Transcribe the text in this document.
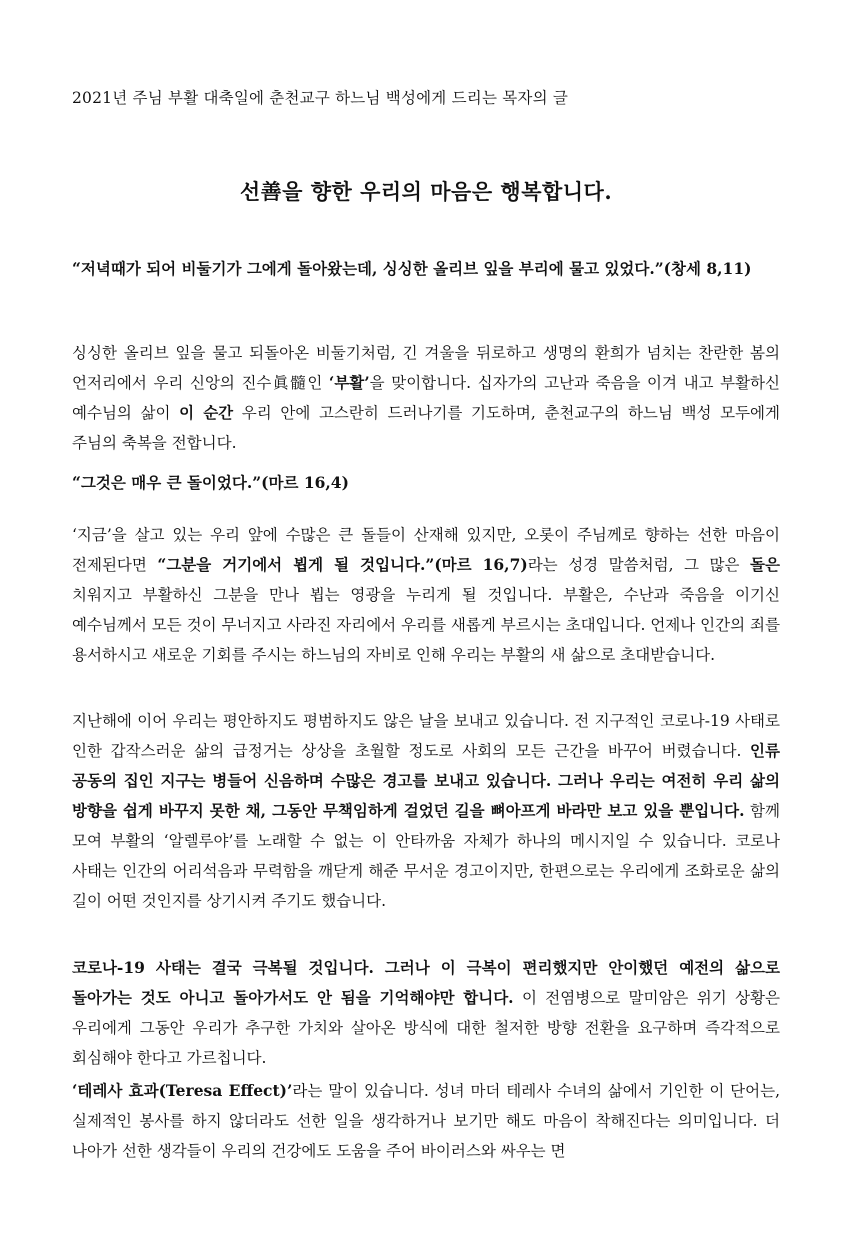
2021년 주님 부활 대축일에 춘천교구 하느님 백성에게 드리는 목자의 글
선善을 향한 우리의 마음은 행복합니다.
“저녁때가 되어 비둘기가 그에게 돌아왔는데, 싱싱한 올리브 잎을 부리에 물고 있었다.”(창세 8,11)
싱싱한 올리브 잎을 물고 되돌아온 비둘기처럼, 긴 겨울을 뒤로하고 생명의 환희가 넘치는 찬란한 봄의 언저리에서 우리 신앙의 진수眞髓인 ‘부활’을 맞이합니다. 십자가의 고난과 죽음을 이겨 내고 부활하신 예수님의 삶이 이 순간 우리 안에 고스란히 드러나기를 기도하며, 춘천교구의 하느님 백성 모두에게 주님의 축복을 전합니다.
“그것은 매우 큰 돌이었다.”(마르 16,4)
‘지금’을 살고 있는 우리 앞에 수많은 큰 돌들이 산재해 있지만, 오롯이 주님께로 향하는 선한 마음이 전제된다면 “그분을 거기에서 뵙게 될 것입니다.”(마르 16,7)라는 성경 말씀처럼, 그 많은 돌은 치워지고 부활하신 그분을 만나 뵙는 영광을 누리게 될 것입니다. 부활은, 수난과 죽음을 이기신 예수님께서 모든 것이 무너지고 사라진 자리에서 우리를 새롭게 부르시는 초대입니다. 언제나 인간의 죄를 용서하시고 새로운 기회를 주시는 하느님의 자비로 인해 우리는 부활의 새 삶으로 초대받습니다.
지난해에 이어 우리는 평안하지도 평범하지도 않은 날을 보내고 있습니다. 전 지구적인 코로나-19 사태로 인한 갑작스러운 삶의 급정거는 상상을 초월할 정도로 사회의 모든 근간을 바꾸어 버렸습니다. 인류 공동의 집인 지구는 병들어 신음하며 수많은 경고를 보내고 있습니다. 그러나 우리는 여전히 우리 삶의 방향을 쉽게 바꾸지 못한 채, 그동안 무책임하게 걸었던 길을 뼈아프게 바라만 보고 있을 뿐입니다. 함께 모여 부활의 ‘알렐루야’를 노래할 수 없는 이 안타까움 자체가 하나의 메시지일 수 있습니다. 코로나 사태는 인간의 어리석음과 무력함을 깨닫게 해준 무서운 경고이지만, 한편으로는 우리에게 조화로운 삶의 길이 어떤 것인지를 상기시켜 주기도 했습니다.
코로나-19 사태는 결국 극복될 것입니다. 그러나 이 극복이 편리했지만 안이했던 예전의 삶으로 돌아가는 것도 아니고 돌아가서도 안 됨을 기억해야만 합니다. 이 전염병으로 말미암은 위기 상황은 우리에게 그동안 우리가 추구한 가치와 살아온 방식에 대한 철저한 방향 전환을 요구하며 즉각적으로 회심해야 한다고 가르칩니다.
‘테레사 효과(Teresa Effect)’라는 말이 있습니다. 성녀 마더 테레사 수녀의 삶에서 기인한 이 단어는, 실제적인 봉사를 하지 않더라도 선한 일을 생각하거나 보기만 해도 마음이 착해진다는 의미입니다. 더 나아가 선한 생각들이 우리의 건강에도 도움을 주어 바이러스와 싸우는 면
